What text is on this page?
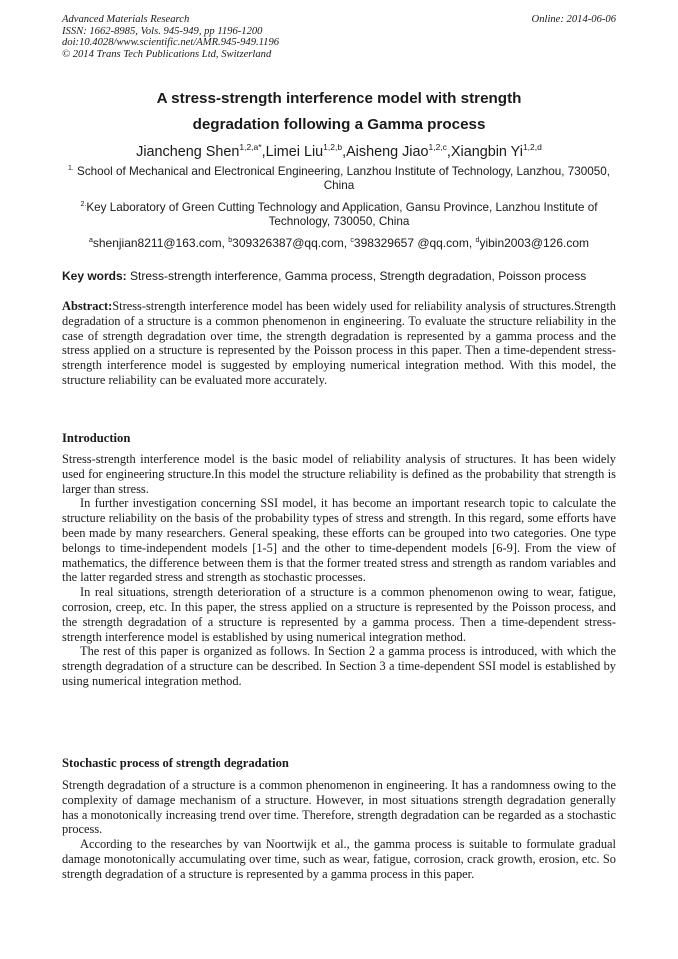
Advanced Materials Research
ISSN: 1662-8985, Vols. 945-949, pp 1196-1200
doi:10.4028/www.scientific.net/AMR.945-949.1196
© 2014 Trans Tech Publications Ltd, Switzerland
Online: 2014-06-06
A stress-strength interference model with strength
degradation following a Gamma process
Jiancheng Shen$^{1,2,a*}$,Limei Liu$^{1,2,b}$,Aisheng Jiao$^{1,2,c}$,Xiangbin Yi$^{1,2,d}$
$^{1.}$ School of Mechanical and Electronical Engineering, Lanzhou Institute of Technology, Lanzhou, 730050, China
$^{2.}$Key Laboratory of Green Cutting Technology and Application, Gansu Province, Lanzhou Institute of Technology, 730050, China
$^a$shenjian8211@163.com, $^b$309326387@qq.com, $^c$398329657 @qq.com, $^d$yibin2003@126.com
Key words: Stress-strength interference, Gamma process, Strength degradation, Poisson process

Abstract:Stress-strength interference model has been widely used for reliability analysis of structures.Strength degradation of a structure is a common phenomenon in engineering. To evaluate the structure reliability in the case of strength degradation over time, the strength degradation is represented by a gamma process and the stress applied on a structure is represented by the Poisson process in this paper. Then a time-dependent stress-strength interference model is suggested by employing numerical integration method. With this model, the structure reliability can be evaluated more accurately.

Introduction

Stress-strength interference model is the basic model of reliability analysis of structures. It has been widely used for engineering structure.In this model the structure reliability is defined as the probability that strength is larger than stress.

In further investigation concerning SSI model, it has become an important research topic to calculate the structure reliability on the basis of the probability types of stress and strength. In this regard, some efforts have been made by many researchers. General speaking, these efforts can be grouped into two categories. One type belongs to time-independent models [1-5] and the other to time-dependent models [6-9]. From the view of mathematics, the difference between them is that the former treated stress and strength as random variables and the latter regarded stress and strength as stochastic processes.

In real situations, strength deterioration of a structure is a common phenomenon owing to wear, fatigue, corrosion, creep, etc. In this paper, the stress applied on a structure is represented by the Poisson process, and the strength degradation of a structure is represented by a gamma process. Then a time-dependent stress-strength interference model is established by using numerical integration method.

The rest of this paper is organized as follows. In Section 2 a gamma process is introduced, with which the strength degradation of a structure can be described. In Section 3 a time-dependent SSI model is established by using numerical integration method.

Stochastic process of strength degradation

Strength degradation of a structure is a common phenomenon in engineering. It has a randomness owing to the complexity of damage mechanism of a structure. However, in most situations strength degradation generally has a monotonically increasing trend over time. Therefore, strength degradation can be regarded as a stochastic process.

According to the researches by van Noortwijk et al., the gamma process is suitable to formulate gradual damage monotonically accumulating over time, such as wear, fatigue, corrosion, crack growth, erosion, etc. So strength degradation of a structure is represented by a gamma process in this paper.
